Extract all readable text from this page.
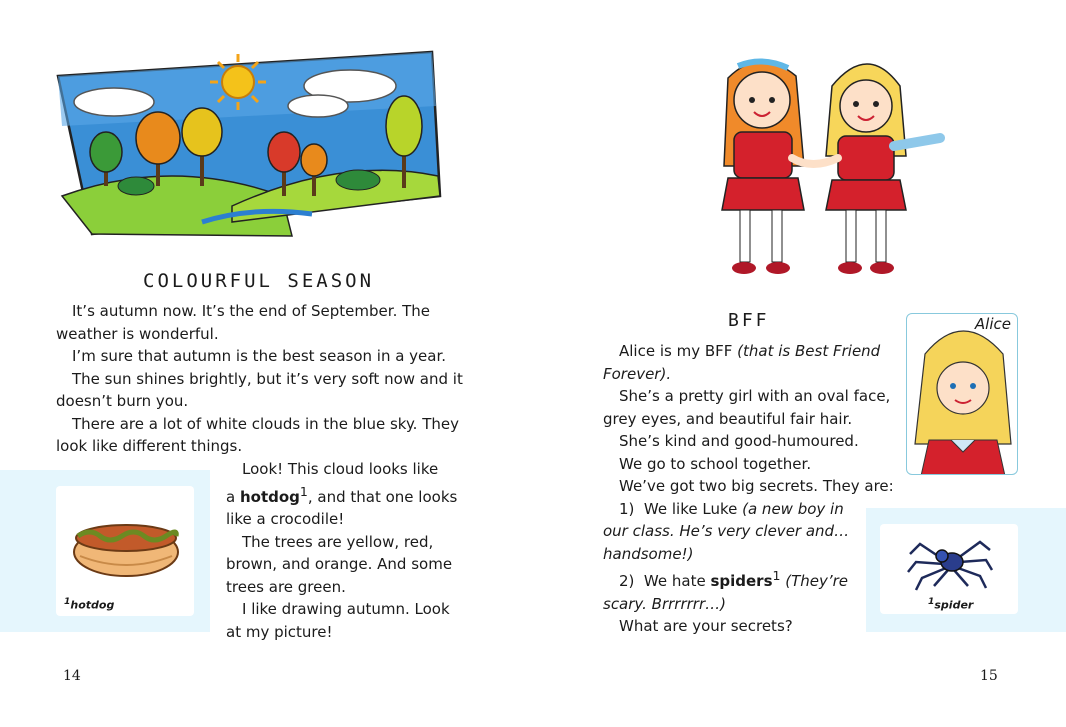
COLOURFUL SEASON
It’s autumn now. It’s the end of September. The
weather is wonderful.
I’m sure that autumn is the best season in a year.
The sun shines brightly, but it’s very soft now and it
doesn’t burn you.
There are a lot of white clouds in the blue sky. They
look like different things.
$^1$hotdog
Look! This cloud looks like
a hotdog$^1$, and that one looks
like a crocodile!
The trees are yellow, red,
brown, and orange. And some
trees are green.
I like drawing autumn. Look
at my picture!
14
Alice
BFF
Alice is my BFF (that is Best Friend
Forever).
She’s a pretty girl with an oval face,
grey eyes, and beautiful fair hair.
She’s kind and good-humoured.
We go to school together.
We’ve got two big secrets. They are:
1)  We like Luke (a new boy in
our class. He’s very clever and…
handsome!)
2)  We hate spiders$^1$ (They’re
scary. Brrrrrrr…)
What are your secrets?
$^1$spider
15
